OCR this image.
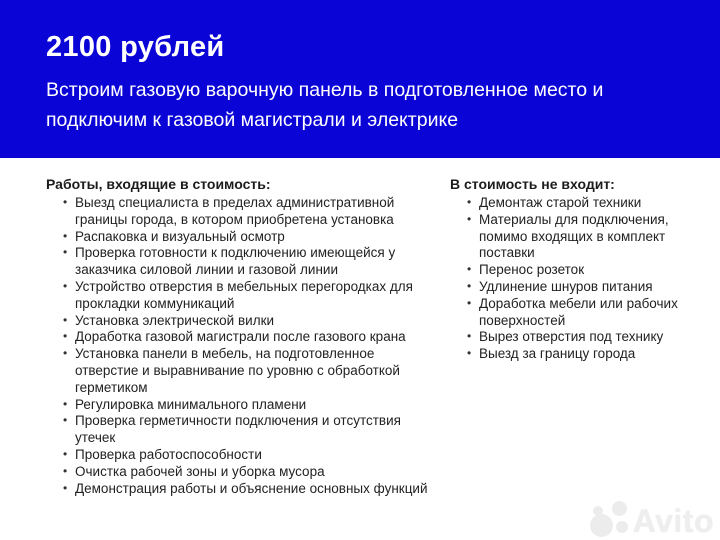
2100 рублей

Встроим газовую варочную панель в подготовленное место и подключим к газовой магистрали и электрике

Работы, входящие в стоимость:
• Выезд специалиста в пределах административной границы города, в котором приобретена установка
• Распаковка и визуальный осмотр
• Проверка готовности к подключению имеющейся у заказчика силовой линии и газовой линии
• Устройство отверстия в мебельных перегородках для прокладки коммуникаций
• Установка электрической вилки
• Доработка газовой магистрали после газового крана
• Установка панели в мебель, на подготовленное отверстие и выравнивание по уровню с обработкой герметиком
• Регулировка минимального пламени
• Проверка герметичности подключения и отсутствия утечек
• Проверка работоспособности
• Очистка рабочей зоны и уборка мусора
• Демонстрация работы и объяснение основных функций
В стоимость не входит:
• Демонтаж старой техники
• Материалы для подключения, помимо входящих в комплект поставки
• Перенос розеток
• Удлинение шнуров питания
• Доработка мебели или рабочих поверхностей
• Вырез отверстия под технику
• Выезд за границу города
Avito
